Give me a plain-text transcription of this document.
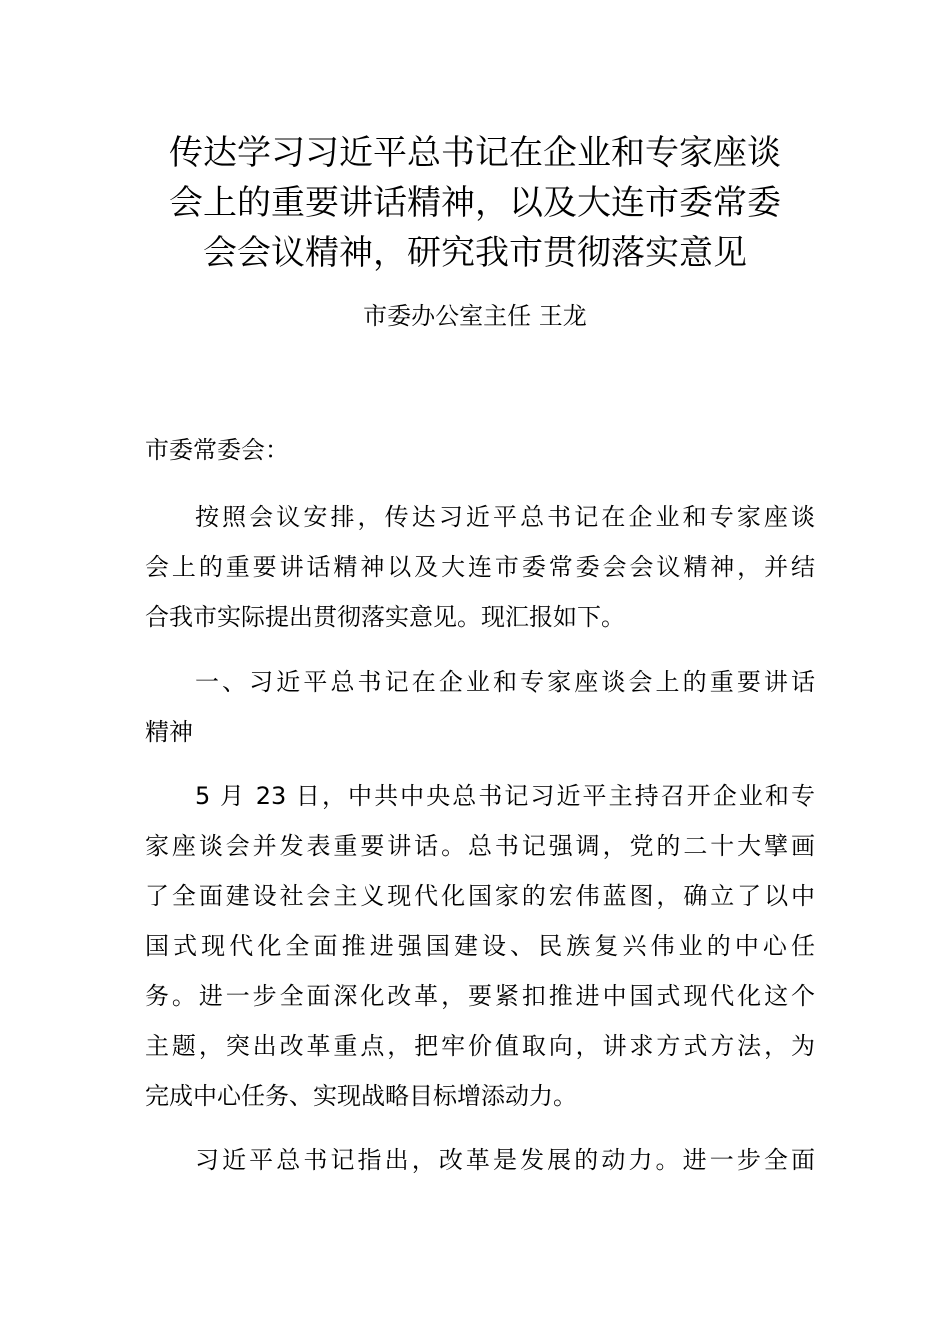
传达学习习近平总书记在企业和专家座谈
会上的重要讲话精神，以及大连市委常委
会会议精神，研究我市贯彻落实意见
市委办公室主任 王龙
市委常委会：
按照会议安排，传达习近平总书记在企业和专家座谈
会上的重要讲话精神以及大连市委常委会会议精神，并结
合我市实际提出贯彻落实意见。现汇报如下。
一、习近平总书记在企业和专家座谈会上的重要讲话
精神
5 月 23 日，中共中央总书记习近平主持召开企业和专
家座谈会并发表重要讲话。总书记强调，党的二十大擘画
了全面建设社会主义现代化国家的宏伟蓝图，确立了以中
国式现代化全面推进强国建设、民族复兴伟业的中心任
务。进一步全面深化改革，要紧扣推进中国式现代化这个
主题，突出改革重点，把牢价值取向，讲求方式方法，为
完成中心任务、实现战略目标增添动力。
习近平总书记指出，改革是发展的动力。进一步全面
